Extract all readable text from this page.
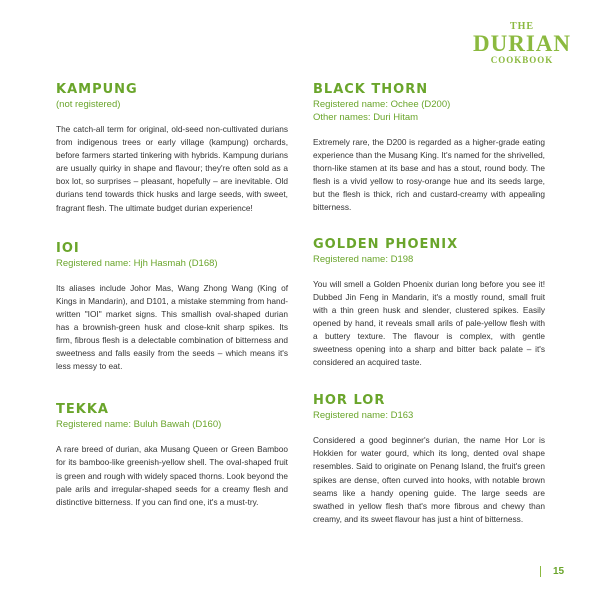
THE
DURIAN
COOKBOOK
KAMPUNG

(not registered)

The catch-all term for original, old-seed non-cultivated durians from indigenous trees or early village (kampung) orchards, before farmers started tinkering with hybrids. Kampung durians are usually quirky in shape and flavour; they're often sold as a box lot, so surprises – pleasant, hopefully – are inevitable. Old durians tend towards thick husks and large seeds, with sweet, fragrant flesh. The ultimate budget durian experience!

IOI

Registered name: Hjh Hasmah (D168)

Its aliases include Johor Mas, Wang Zhong Wang (King of Kings in Mandarin), and D101, a mistake stemming from hand-written "IOI" market signs. This smallish oval-shaped durian has a brownish-green husk and close-knit sharp spikes. Its firm, fibrous flesh is a delectable combination of bitterness and sweetness and falls easily from the seeds – which means it's less messy to eat.

TEKKA

Registered name: Buluh Bawah (D160)

A rare breed of durian, aka Musang Queen or Green Bamboo for its bamboo-like greenish-yellow shell. The oval-shaped fruit is green and rough with widely spaced thorns. Look beyond the pale arils and irregular-shaped seeds for a creamy flesh and distinctive bitterness. If you can find one, it's a must-try.

BLACK THORN

Registered name: Ochee (D200)

Other names: Duri Hitam

Extremely rare, the D200 is regarded as a higher-grade eating experience than the Musang King. It's named for the shrivelled, thorn-like stamen at its base and has a stout, round body. The flesh is a vivid yellow to rosy-orange hue and its seeds large, but the flesh is thick, rich and custard-creamy with appealing bitterness.

GOLDEN PHOENIX

Registered name: D198

You will smell a Golden Phoenix durian long before you see it! Dubbed Jin Feng in Mandarin, it's a mostly round, small fruit with a thin green husk and slender, clustered spikes. Easily opened by hand, it reveals small arils of pale-yellow flesh with a buttery texture. The flavour is complex, with gentle sweetness opening into a sharp and bitter back palate – it's considered an acquired taste.

HOR LOR

Registered name: D163

Considered a good beginner's durian, the name Hor Lor is Hokkien for water gourd, which its long, dented oval shape resembles. Said to originate on Penang Island, the fruit's green spikes are dense, often curved into hooks, with notable brown seams like a handy opening guide. The large seeds are swathed in yellow flesh that's more fibrous and chewy than creamy, and its sweet flavour has just a hint of bitterness.

15
